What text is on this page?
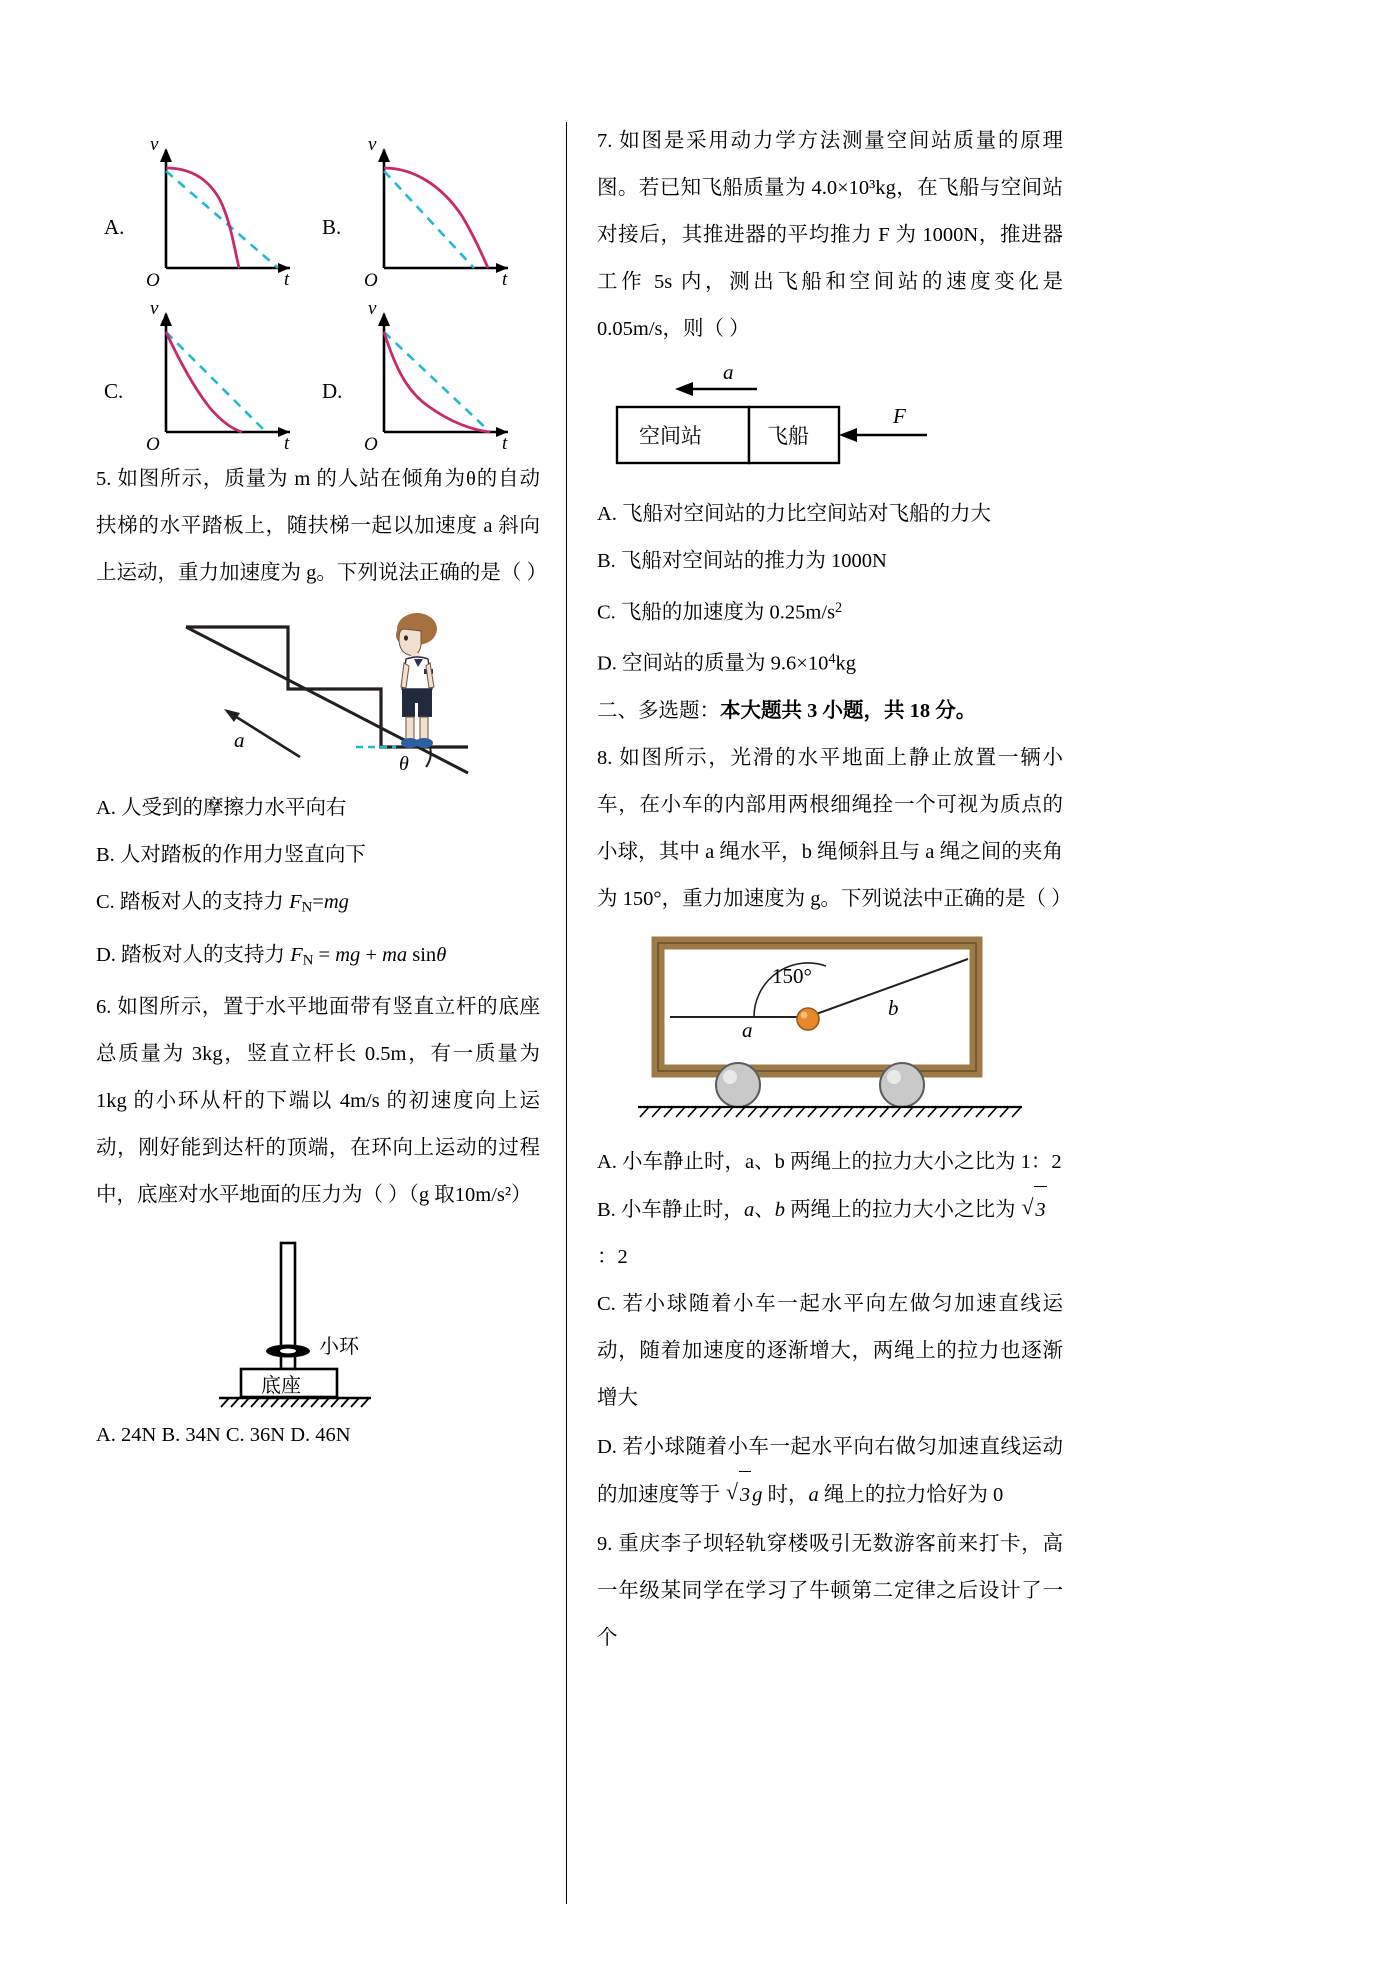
A.
v
t
O
B.
v
t
O
C.
v
t
O
D.
v
t
O

5. 如图所示，质量为 m 的人站在倾角为θ的自动扶梯的水平踏板上，随扶梯一起以加速度 a 斜向上运动，重力加速度为 g。下列说法正确的是（ ）

a
θ

A. 人受到的摩擦力水平向右

B. 人对踏板的作用力竖直向下

C. 踏板对人的支持力 $F_N=mg$

D. 踏板对人的支持力 $F_N$ = mg + ma sinθ

6. 如图所示，置于水平地面带有竖直立杆的底座总质量为 3kg，竖直立杆长 0.5m，有一质量为 1kg 的小环从杆的下端以 4m/s 的初速度向上运动，刚好能到达杆的顶端，在环向上运动的过程中，底座对水平地面的压力为（ ）（g 取10m/s²）

小环
底座

A. 24N B. 34N C. 36N D. 46N

7. 如图是采用动力学方法测量空间站质量的原理图。若已知飞船质量为 4.0×10³kg，在飞船与空间站对接后，其推进器的平均推力 F 为 1000N，推进器工作 5s 内，测出飞船和空间站的速度变化是 0.05m/s，则（ ）

a
空间站	飞船
F

A. 飞船对空间站的力比空间站对飞船的力大

B. 飞船对空间站的推力为 1000N

C. 飞船的加速度为 $0.25m/s^2$

D. 空间站的质量为 $9.6\times 10^4kg$

二、多选题：本大题共 3 小题，共 18 分。

8. 如图所示，光滑的水平地面上静止放置一辆小车，在小车的内部用两根细绳拴一个可视为质点的小球，其中 a 绳水平，b 绳倾斜且与 a 绳之间的夹角为 150°，重力加速度为 g。下列说法中正确的是（ ）

150°
a
b

A. 小车静止时，a、b 两绳上的拉力大小之比为 1：2

B. 小车静止时，a、b 两绳上的拉力大小之比为 √ 3：2

C. 若小球随着小车一起水平向左做匀加速直线运动，随着加速度的逐渐增大，两绳上的拉力也逐渐增大

D. 若小球随着小车一起水平向右做匀加速直线运动的加速度等于 √ 3g 时，a 绳上的拉力恰好为 0

9. 重庆李子坝轻轨穿楼吸引无数游客前来打卡，高一年级某同学在学习了牛顿第二定律之后设计了一个
